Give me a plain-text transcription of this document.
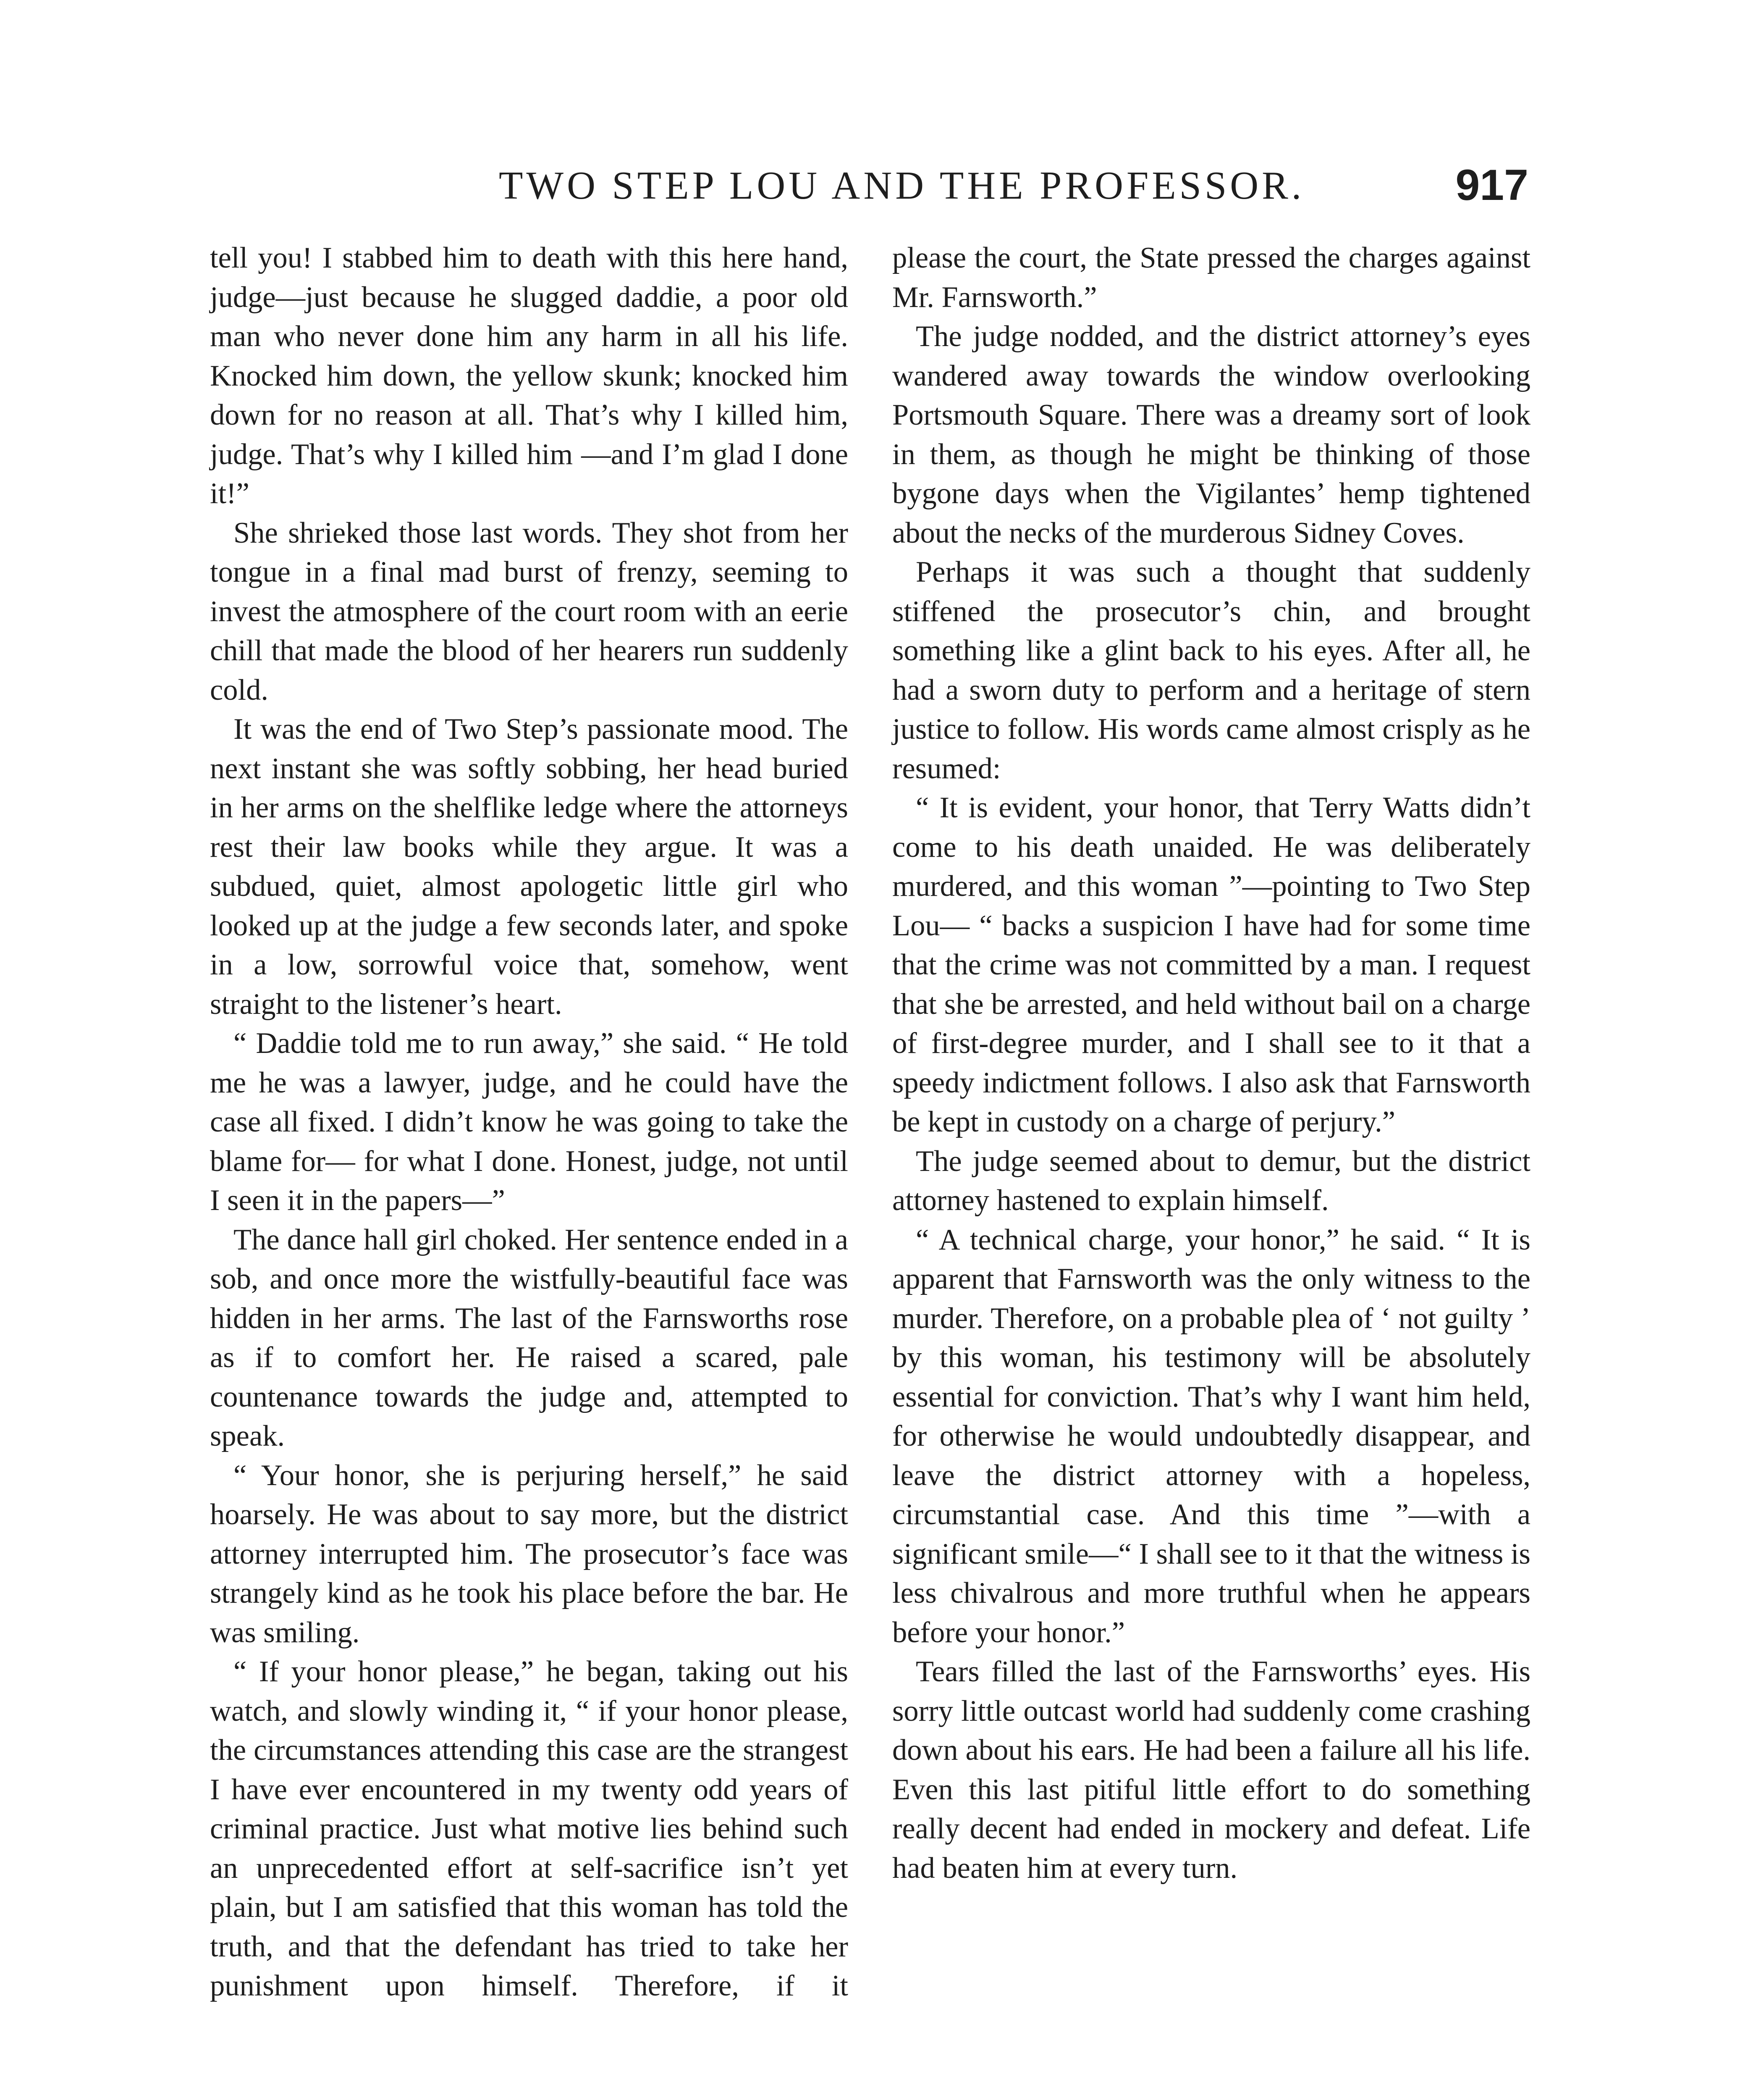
TWO STEP LOU AND THE PROFESSOR.	917

tell you! I stabbed him to death with this here hand, judge—just because he slugged daddie, a poor old man who never done him any harm in all his life. Knocked him down, the yellow skunk; knocked him down for no reason at all. That’s why I killed him, judge. That’s why I killed him —and I’m glad I done it!”

She shrieked those last words. They shot from her tongue in a final mad burst of frenzy, seeming to invest the atmosphere of the court room with an eerie chill that made the blood of her hearers run suddenly cold.

It was the end of Two Step’s passionate mood. The next instant she was softly sobbing, her head buried in her arms on the shelflike ledge where the attorneys rest their law books while they argue. It was a subdued, quiet, almost apologetic little girl who looked up at the judge a few seconds later, and spoke in a low, sorrowful voice that, somehow, went straight to the listener’s heart.

“ Daddie told me to run away,” she said. “ He told me he was a lawyer, judge, and he could have the case all fixed. I didn’t know he was going to take the blame for— for what I done. Honest, judge, not until I seen it in the papers—”

The dance hall girl choked. Her sentence ended in a sob, and once more the wistfully-beautiful face was hidden in her arms. The last of the Farnsworths rose as if to comfort her. He raised a scared, pale countenance towards the judge and, attempted to speak.

“ Your honor, she is perjuring herself,” he said hoarsely. He was about to say more, but the district attorney interrupted him. The prosecutor’s face was strangely kind as he took his place before the bar. He was smiling.

“ If your honor please,” he began, taking out his watch, and slowly winding it, “ if your honor please, the circumstances attending this case are the strangest I have ever encountered in my twenty odd years of criminal practice. Just what motive lies behind such an unprecedented effort at self-sacrifice isn’t yet plain, but I am satisfied that this woman has told the truth, and that the defendant has tried to take her punishment upon himself. Therefore, if it

please the court, the State pressed the charges against Mr. Farnsworth.”

The judge nodded, and the district attorney’s eyes wandered away towards the window overlooking Portsmouth Square. There was a dreamy sort of look in them, as though he might be thinking of those bygone days when the Vigilantes’ hemp tightened about the necks of the murderous Sidney Coves.

Perhaps it was such a thought that suddenly stiffened the prosecutor’s chin, and brought something like a glint back to his eyes. After all, he had a sworn duty to perform and a heritage of stern justice to follow. His words came almost crisply as he resumed:

“ It is evident, your honor, that Terry Watts didn’t come to his death unaided. He was deliberately murdered, and this woman ”—pointing to Two Step Lou— “ backs a suspicion I have had for some time that the crime was not committed by a man. I request that she be arrested, and held without bail on a charge of first-degree murder, and I shall see to it that a speedy indictment follows. I also ask that Farnsworth be kept in custody on a charge of perjury.”

The judge seemed about to demur, but the district attorney hastened to explain himself.

“ A technical charge, your honor,” he said. “ It is apparent that Farnsworth was the only witness to the murder. Therefore, on a probable plea of ‘ not guilty ’ by this woman, his testimony will be absolutely essential for conviction. That’s why I want him held, for otherwise he would undoubtedly disappear, and leave the district attorney with a hopeless, circumstantial case. And this time ”—with a significant smile—“ I shall see to it that the witness is less chivalrous and more truthful when he appears before your honor.”

Tears filled the last of the Farnsworths’ eyes. His sorry little outcast world had suddenly come crashing down about his ears. He had been a failure all his life. Even this last pitiful little effort to do something really decent had ended in mockery and defeat. Life had beaten him at every turn.
